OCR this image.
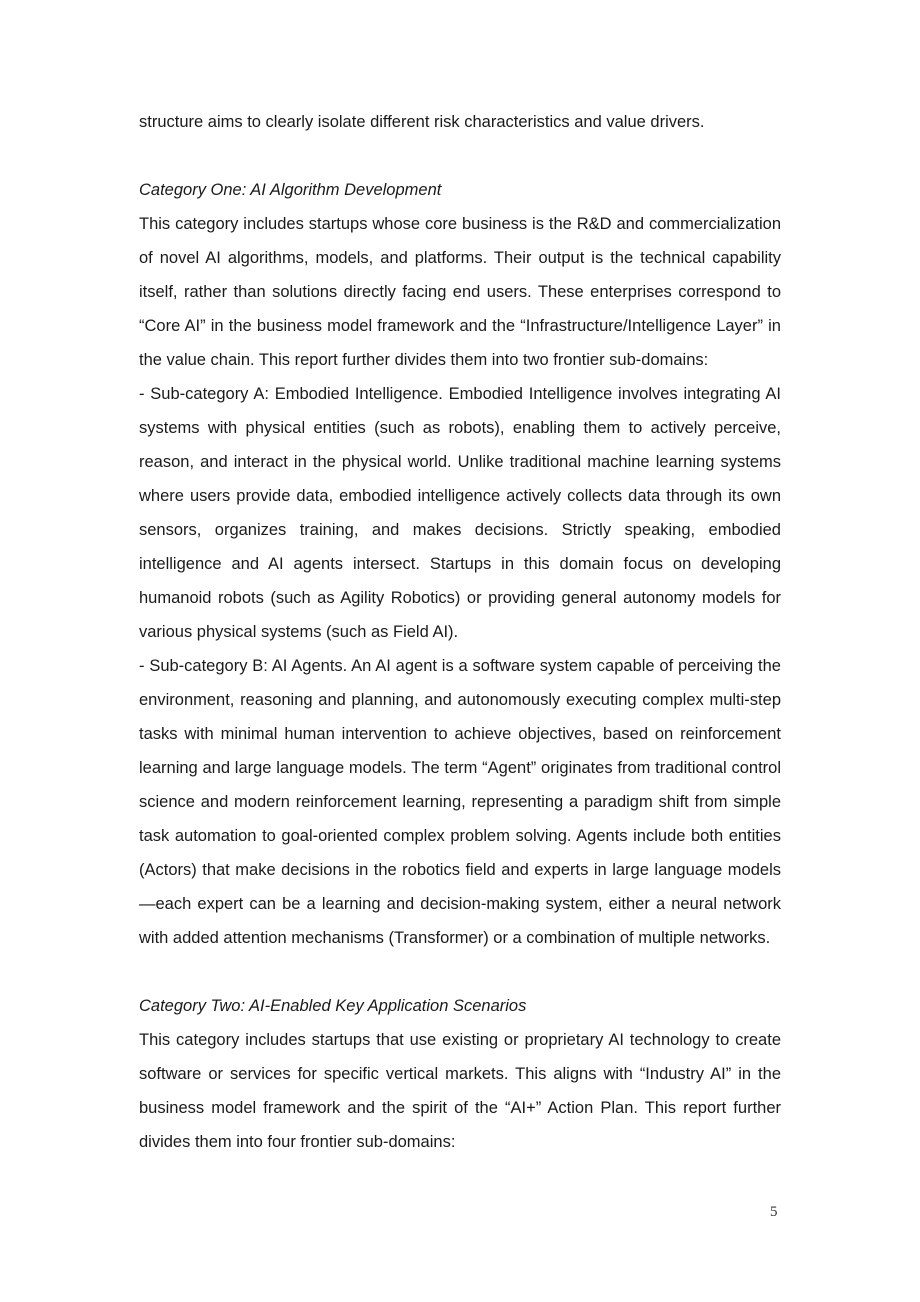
structure aims to clearly isolate different risk characteristics and value drivers.

Category One: AI Algorithm Development

This category includes startups whose core business is the R&D and commercialization of novel AI algorithms, models, and platforms. Their output is the technical capability itself, rather than solutions directly facing end users. These enterprises correspond to “Core AI” in the business model framework and the “Infrastructure/Intelligence Layer” in the value chain. This report further divides them into two frontier sub-domains:

- Sub-category A: Embodied Intelligence. Embodied Intelligence involves integrating AI systems with physical entities (such as robots), enabling them to actively perceive, reason, and interact in the physical world. Unlike traditional machine learning systems where users provide data, embodied intelligence actively collects data through its own sensors, organizes training, and makes decisions. Strictly speaking, embodied intelligence and AI agents intersect. Startups in this domain focus on developing humanoid robots (such as Agility Robotics) or providing general autonomy models for various physical systems (such as Field AI).

- Sub-category B: AI Agents. An AI agent is a software system capable of perceiving the environment, reasoning and planning, and autonomously executing complex multi-step tasks with minimal human intervention to achieve objectives, based on reinforcement learning and large language models. The term “Agent” originates from traditional control science and modern reinforcement learning, representing a paradigm shift from simple task automation to goal-oriented complex problem solving. Agents include both entities (Actors) that make decisions in the robotics field and experts in large language models—each expert can be a learning and decision-making system, either a neural network with added attention mechanisms (Transformer) or a combination of multiple networks.

Category Two: AI-Enabled Key Application Scenarios

This category includes startups that use existing or proprietary AI technology to create software or services for specific vertical markets. This aligns with “Industry AI” in the business model framework and the spirit of the “AI+” Action Plan. This report further divides them into four frontier sub-domains:

5
